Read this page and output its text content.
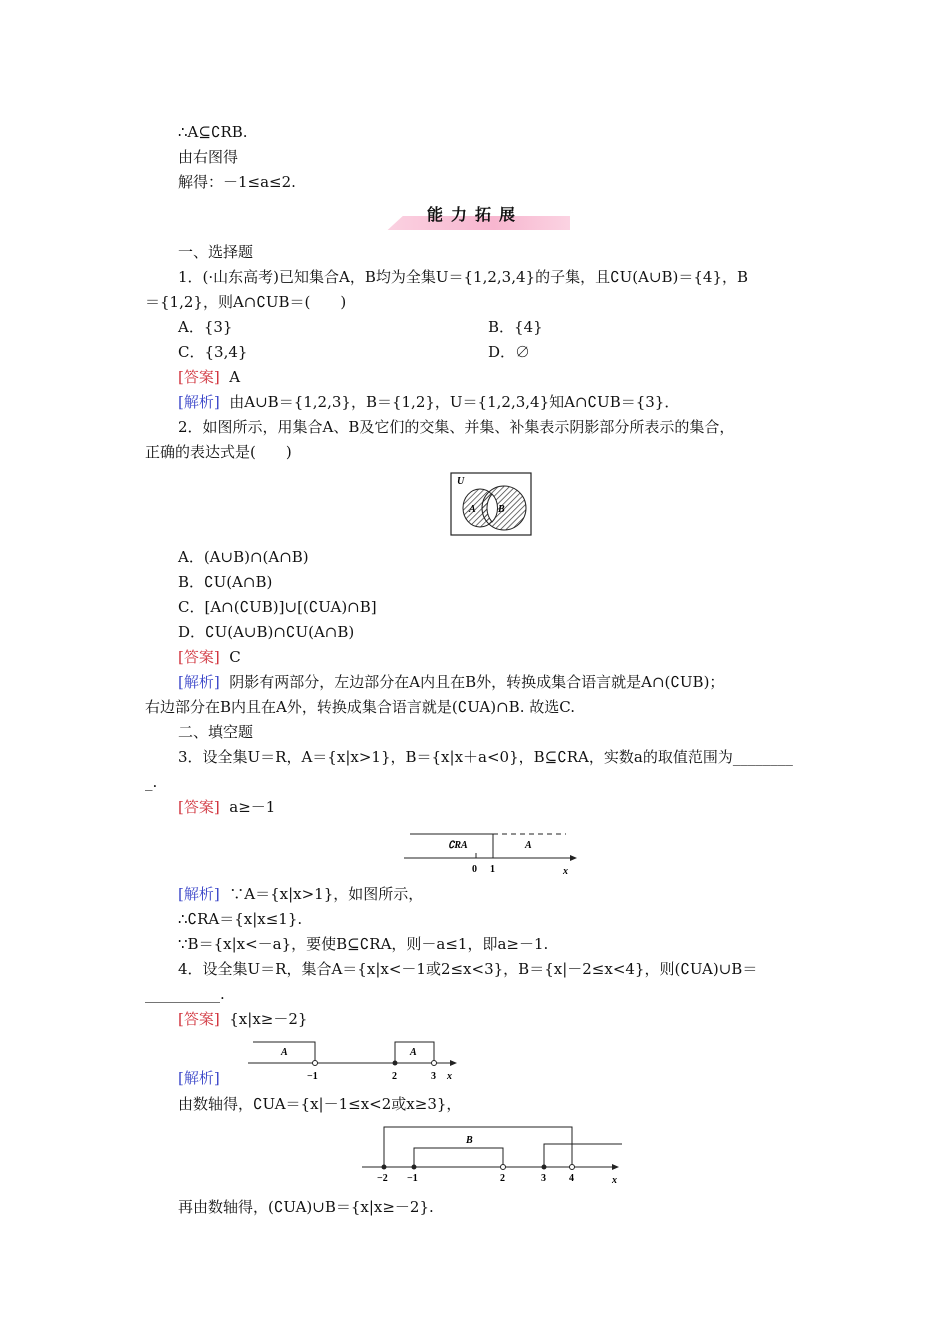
∴A⊆∁RB.
由右图得
解得：－1≤a≤2.
能力拓展
一、选择题
1．(·山东高考)已知集合A，B均为全集U＝{1,2,3,4}的子集，且∁U(A∪B)＝{4}，B
＝{1,2}，则A∩∁UB＝(　　)
A．{3}	B．{4}
C．{3,4}	D．∅
[答案] A
[解析] 由A∪B＝{1,2,3}，B＝{1,2}，U＝{1,2,3,4}知A∩∁UB＝{3}．
2．如图所示，用集合A、B及它们的交集、并集、补集表示阴影部分所表示的集合，
正确的表达式是(　　)
U
A B
A．(A∪B)∩(A∩B)
B．∁U(A∩B)
C．[A∩(∁UB)]∪[(∁UA)∩B]
D．∁U(A∪B)∩∁U(A∩B)
[答案] C
[解析] 阴影有两部分，左边部分在A内且在B外，转换成集合语言就是A∩(∁UB)；
右边部分在B内且在A外，转换成集合语言就是(∁UA)∩B. 故选C.
二、填空题
3．设全集U＝R，A＝{x|x>1}，B＝{x|x＋a<0}，B⊆∁RA，实数a的取值范围为________
_.
[答案] a≥－1
∁RA	A
0 1	x
[解析] ∵A＝{x|x>1}，如图所示，
∴∁RA＝{x|x≤1}.
∵B＝{x|x<－a}，要使B⊆∁RA，则－a≤1，即a≥－1.
4．设全集U＝R，集合A＝{x|x<－1或2≤x<3}，B＝{x|－2≤x<4}，则(∁UA)∪B＝
__________.
[答案] {x|x≥－2}
A	A
−1	2	3 x
[解析]
由数轴得，∁UA＝{x|－1≤x<2或x≥3}，
B
−2 −1	2	3 4	x
再由数轴得，(∁UA)∪B＝{x|x≥－2}.
